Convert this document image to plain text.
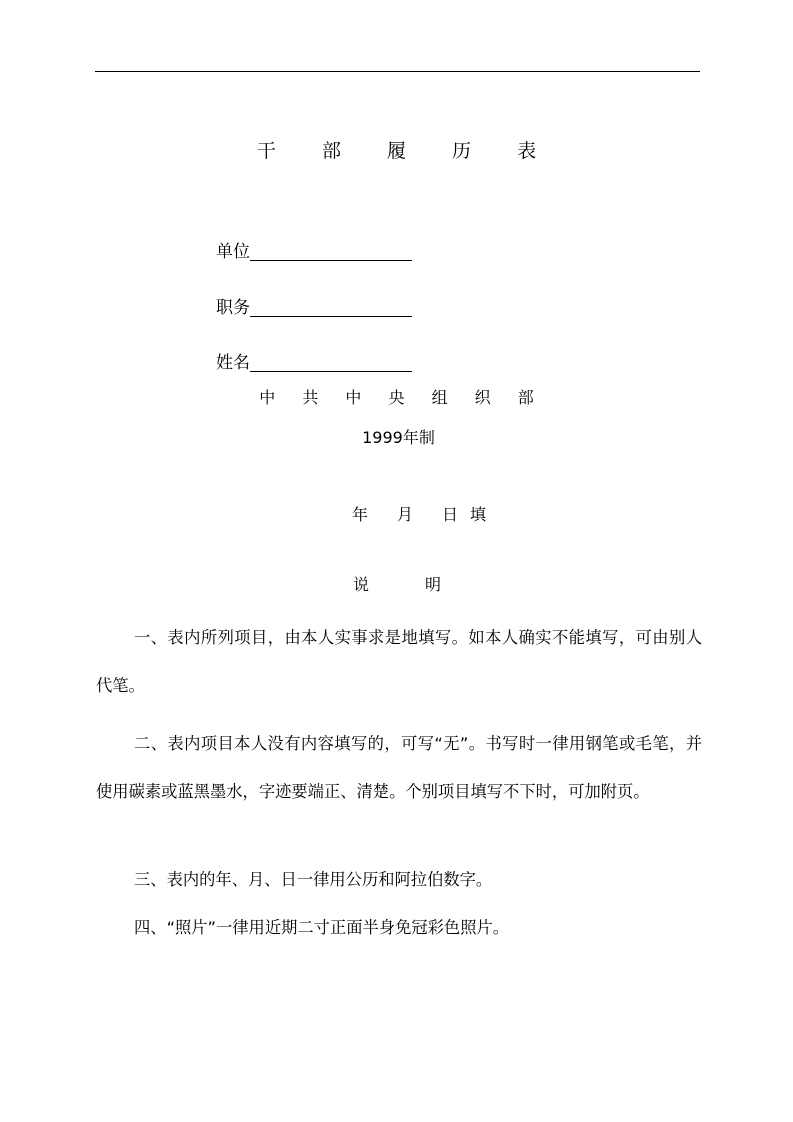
干 部 履 历 表
单位
职务
姓名
中 共 中 央 组 织 部
1999年制

年

月

日

填

说	明

一、表内所列项目，由本人实事求是地填写。如本人确实不能填写，可由别人代笔。

二、表内项目本人没有内容填写的，可写“无”。书写时一律用钢笔或毛笔，并使用碳素或蓝黑墨水，字迹要端正、清楚。个别项目填写不下时，可加附页。

三、表内的年、月、日一律用公历和阿拉伯数字。

四、“照片”一律用近期二寸正面半身免冠彩色照片。
